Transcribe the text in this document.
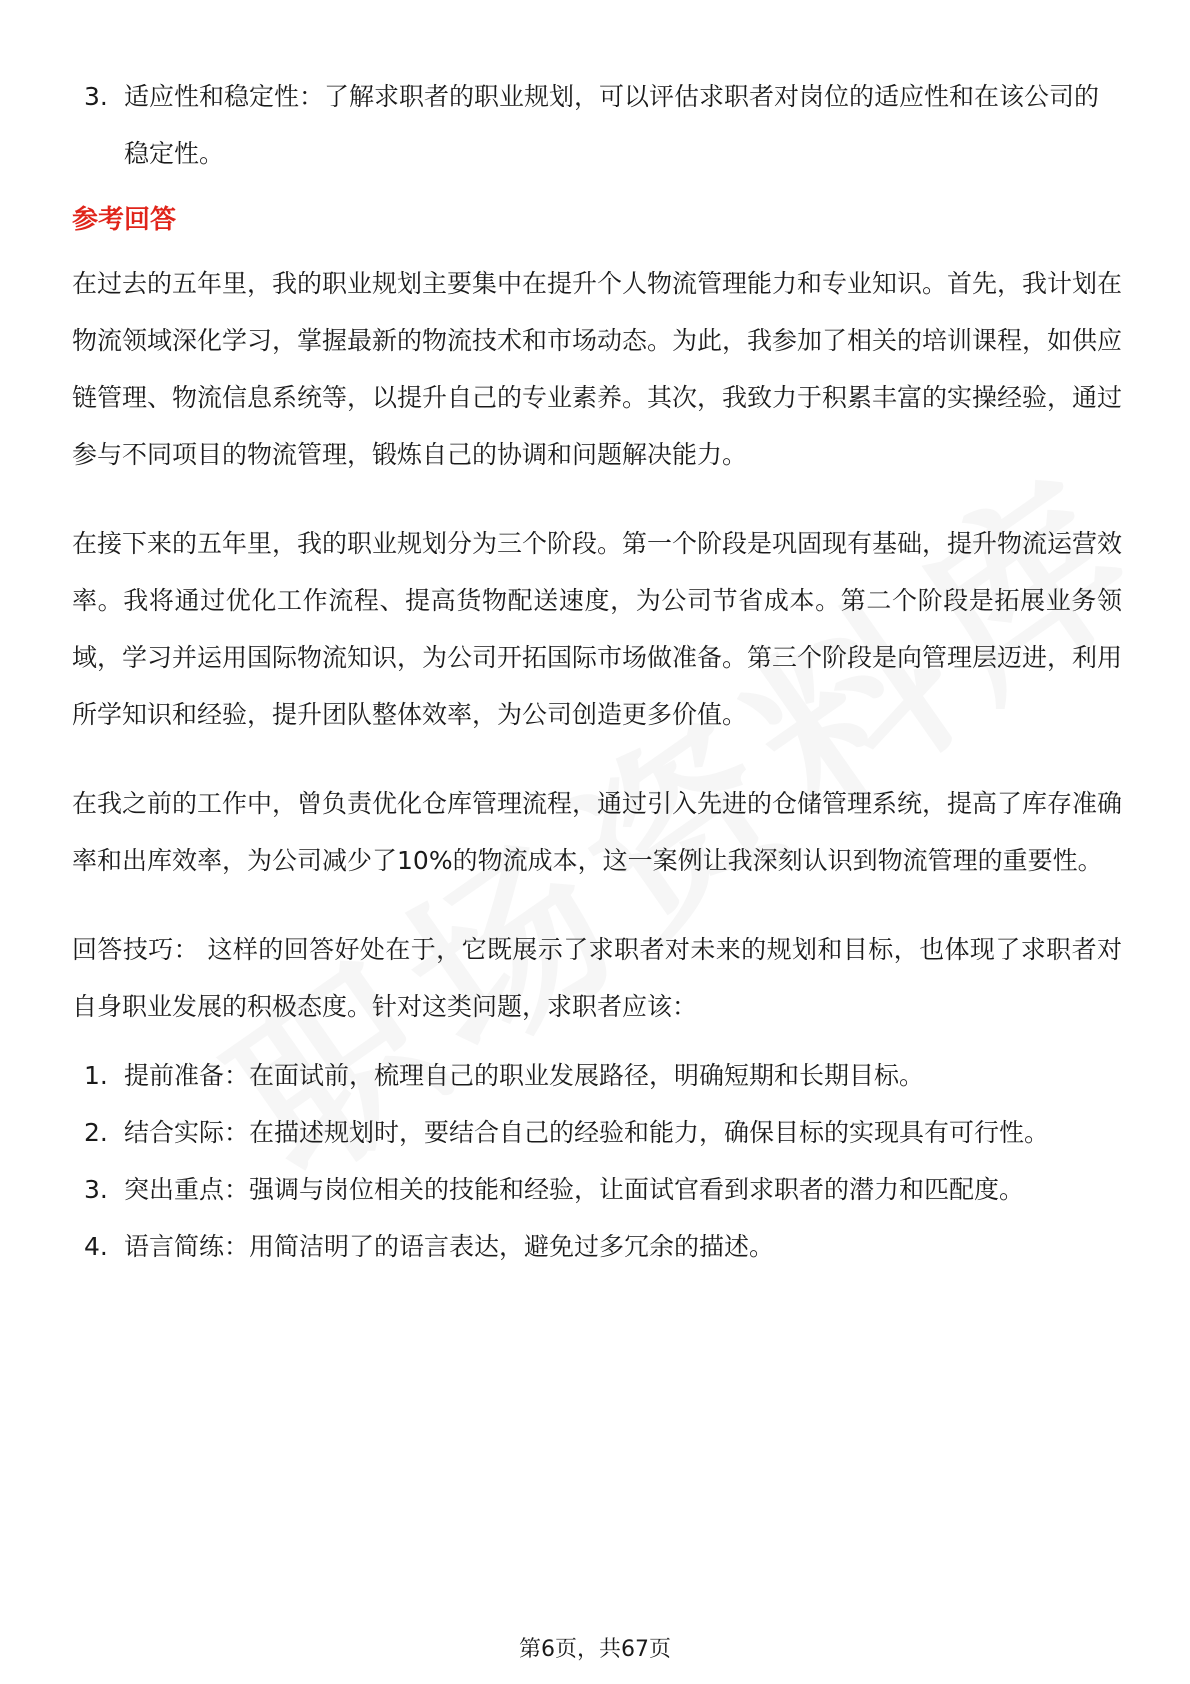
3. 适应性和稳定性：了解求职者的职业规划，可以评估求职者对岗位的适应性和在该公司的稳定性。
参考回答

在过去的五年里，我的职业规划主要集中在提升个人物流管理能力和专业知识。首先，我计划在物流领域深化学习，掌握最新的物流技术和市场动态。为此，我参加了相关的培训课程，如供应链管理、物流信息系统等，以提升自己的专业素养。其次，我致力于积累丰富的实操经验，通过参与不同项目的物流管理，锻炼自己的协调和问题解决能力。

在接下来的五年里，我的职业规划分为三个阶段。第一个阶段是巩固现有基础，提升物流运营效率。我将通过优化工作流程、提高货物配送速度，为公司节省成本。第二个阶段是拓展业务领域，学习并运用国际物流知识，为公司开拓国际市场做准备。第三个阶段是向管理层迈进，利用所学知识和经验，提升团队整体效率，为公司创造更多价值。

在我之前的工作中，曾负责优化仓库管理流程，通过引入先进的仓储管理系统，提高了库存准确率和出库效率，为公司减少了10%的物流成本，这一案例让我深刻认识到物流管理的重要性。

回答技巧： 这样的回答好处在于，它既展示了求职者对未来的规划和目标，也体现了求职者对自身职业发展的积极态度。针对这类问题，求职者应该：

1. 提前准备：在面试前，梳理自己的职业发展路径，明确短期和长期目标。
2. 结合实际：在描述规划时，要结合自己的经验和能力，确保目标的实现具有可行性。
3. 突出重点：强调与岗位相关的技能和经验，让面试官看到求职者的潜力和匹配度。
4. 语言简练：用简洁明了的语言表达，避免过多冗余的描述。
第6页，共67页
